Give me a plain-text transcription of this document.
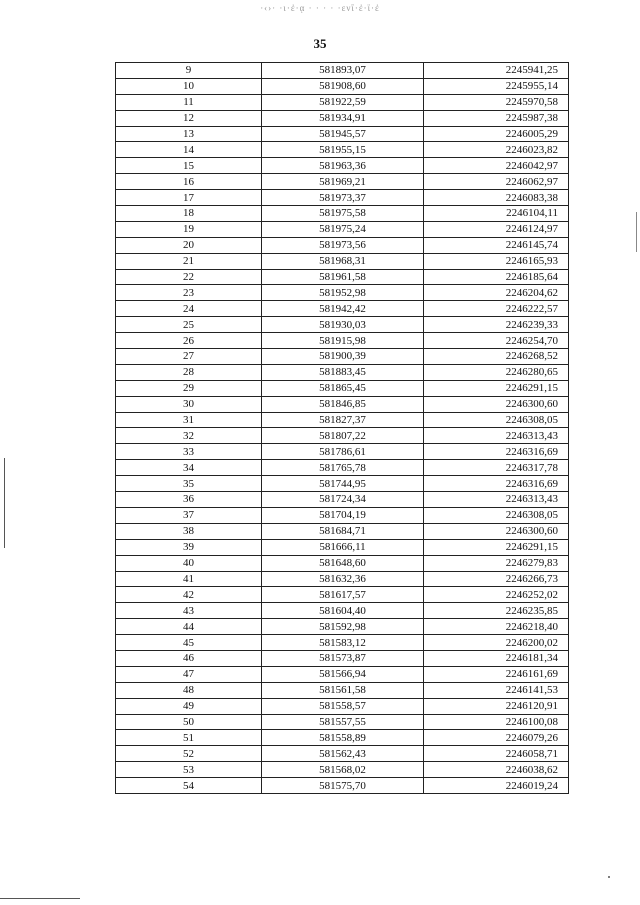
·‹›· ·ι·ἐ·ᾳ · · · · ·ενΐ·ἐ·ϊ·ἐ
35
9	581893,07	2245941,25
10	581908,60	2245955,14
11	581922,59	2245970,58
12	581934,91	2245987,38
13	581945,57	2246005,29
14	581955,15	2246023,82
15	581963,36	2246042,97
16	581969,21	2246062,97
17	581973,37	2246083,38
18	581975,58	2246104,11
19	581975,24	2246124,97
20	581973,56	2246145,74
21	581968,31	2246165,93
22	581961,58	2246185,64
23	581952,98	2246204,62
24	581942,42	2246222,57
25	581930,03	2246239,33
26	581915,98	2246254,70
27	581900,39	2246268,52
28	581883,45	2246280,65
29	581865,45	2246291,15
30	581846,85	2246300,60
31	581827,37	2246308,05
32	581807,22	2246313,43
33	581786,61	2246316,69
34	581765,78	2246317,78
35	581744,95	2246316,69
36	581724,34	2246313,43
37	581704,19	2246308,05
38	581684,71	2246300,60
39	581666,11	2246291,15
40	581648,60	2246279,83
41	581632,36	2246266,73
42	581617,57	2246252,02
43	581604,40	2246235,85
44	581592,98	2246218,40
45	581583,12	2246200,02
46	581573,87	2246181,34
47	581566,94	2246161,69
48	581561,58	2246141,53
49	581558,57	2246120,91
50	581557,55	2246100,08
51	581558,89	2246079,26
52	581562,43	2246058,71
53	581568,02	2246038,62
54	581575,70	2246019,24
